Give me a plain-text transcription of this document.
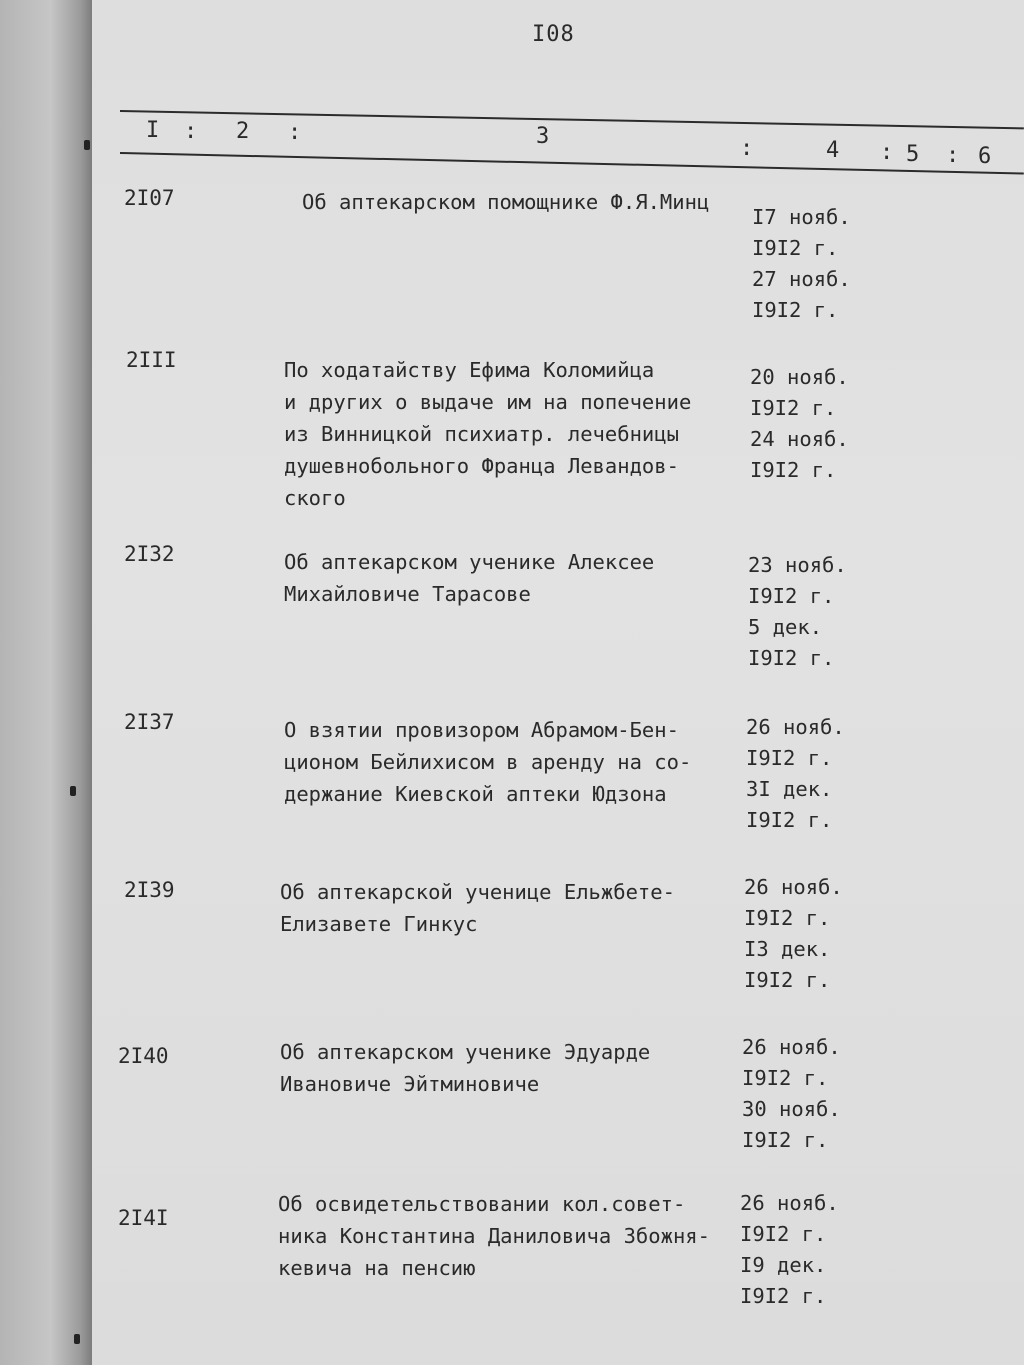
I08
I : 2 :	3	:	4 : 5 : 6
2I07	Об аптекарском помощнике Ф.Я.Минц
I7 нояб.
I9I2 г.
27 нояб.
I9I2 г.
2III	По ходатайству Ефима Коломийца
и других о выдаче им на попечение
из Винницкой психиатр. лечебницы
душевнобольного Франца Левандов-
ского
20 нояб.
I9I2 г.
24 нояб.
I9I2 г.
2I32	Об аптекарском ученике Алексее
Михайловиче Тарасове
23 нояб.
I9I2 г.
5 дек.
I9I2 г.
2I37	О взятии провизором Абрамом-Бен-
ционом Бейлихисом в аренду на со-
держание Киевской аптеки Юдзона
26 нояб.
I9I2 г.
3I дек.
I9I2 г.
2I39	Об аптекарской ученице Ельжбете-
Елизавете Гинкус
26 нояб.
I9I2 г.
I3 дек.
I9I2 г.
2I40	Об аптекарском ученике Эдуарде
Ивановиче Эйтминовиче
26 нояб.
I9I2 г.
30 нояб.
I9I2 г.
2I4I
Об освидетельствовании кол.совет-
ника Константина Даниловича Збожня-
кевича на пенсию
26 нояб.
I9I2 г.
I9 дек.
I9I2 г.
